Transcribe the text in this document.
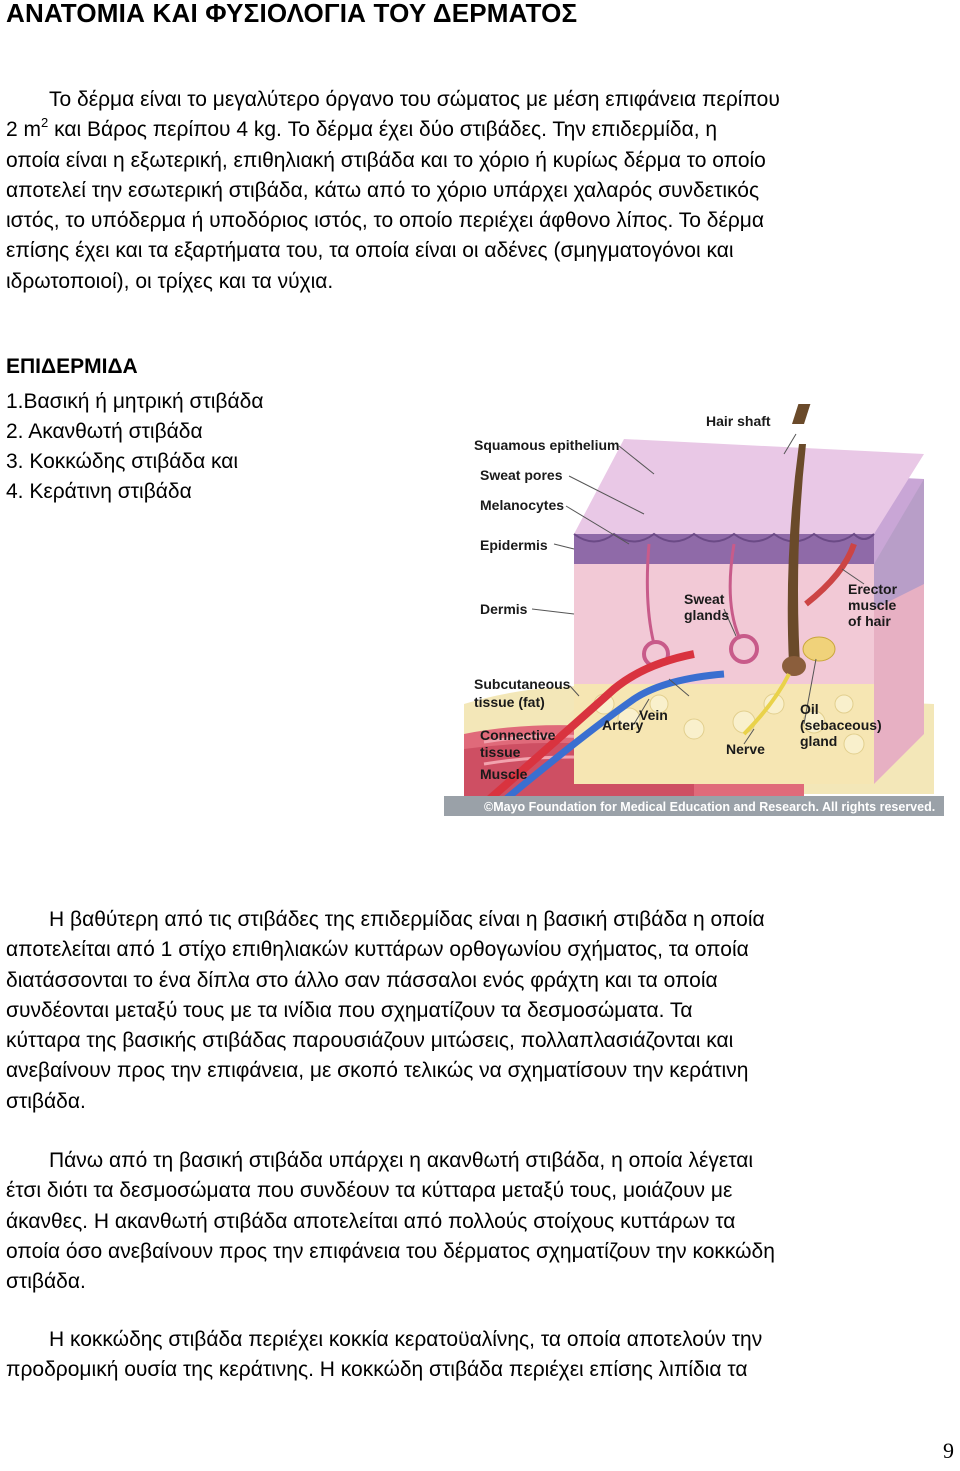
ΑΝΑΤΟΜΙΑ ΚΑΙ ΦΥΣΙΟΛΟΓΙΑ ΤΟΥ ΔΕΡΜΑΤΟΣ
Το δέρμα είναι το μεγαλύτερο όργανο του σώματος με μέση επιφάνεια περίπου
2 $m^2$ και Βάρος περίπου 4 kg. Το δέρμα έχει δύο στιβάδες. Την επιδερμίδα, η
οποία είναι η εξωτερική, επιθηλιακή στιβάδα και το χόριο ή κυρίως δέρμα το οποίο
αποτελεί την εσωτερική στιβάδα, κάτω από το χόριο υπάρχει χαλαρός συνδετικός
ιστός, το υπόδερμα ή υποδόριος ιστός, το οποίο περιέχει άφθονο λίπος. Το δέρμα
επίσης έχει και τα εξαρτήματα του, τα οποία είναι οι αδένες (σμηγματογόνοι και
ιδρωτοποιοί), οι τρίχες και τα νύχια.
ΕΠΙΔΕΡΜΙΔΑ
1.Βασική ή μητρική στιβάδα
2. Ακανθωτή στιβάδα
3. Κοκκώδης στιβάδα και
4. Κεράτινη στιβάδα
Squamous epithelium
Sweat pores
Melanocytes
Epidermis
Dermis
Subcutaneous
tissue (fat)
Connective
tissue
Muscle
Hair shaft
Sweat
glands
Erector
muscle
of hair
Artery
Vein	Oil
(sebaceous)
gland
Nerve
©Mayo Foundation for Medical Education and Research. All rights reserved.
Η βαθύτερη από τις στιβάδες της επιδερμίδας είναι η βασική στιβάδα η οποία
αποτελείται από 1 στίχο επιθηλιακών κυττάρων ορθογωνίου σχήματος, τα οποία
διατάσσονται το ένα δίπλα στο άλλο σαν πάσσαλοι ενός φράχτη και τα οποία
συνδέονται μεταξύ τους με τα ινίδια που σχηματίζουν τα δεσμοσώματα. Τα
κύτταρα της βασικής στιβάδας παρουσιάζουν μιτώσεις, πολλαπλασιάζονται και
ανεβαίνουν προς την επιφάνεια, με σκοπό τελικώς να σχηματίσουν την κεράτινη
στιβάδα.
Πάνω από τη βασική στιβάδα υπάρχει η ακανθωτή στιβάδα, η οποία λέγεται
έτσι διότι τα δεσμοσώματα που συνδέουν τα κύτταρα μεταξύ τους, μοιάζουν με
άκανθες. Η ακανθωτή στιβάδα αποτελείται από πολλούς στοίχους κυττάρων τα
οποία όσο ανεβαίνουν προς την επιφάνεια του δέρματος σχηματίζουν την κοκκώδη
στιβάδα.
Η κοκκώδης στιβάδα περιέχει κοκκία κερατοϋαλίνης, τα οποία αποτελούν την
προδρομική ουσία της κεράτινης. Η κοκκώδη στιβάδα περιέχει επίσης λιπίδια τα
9
